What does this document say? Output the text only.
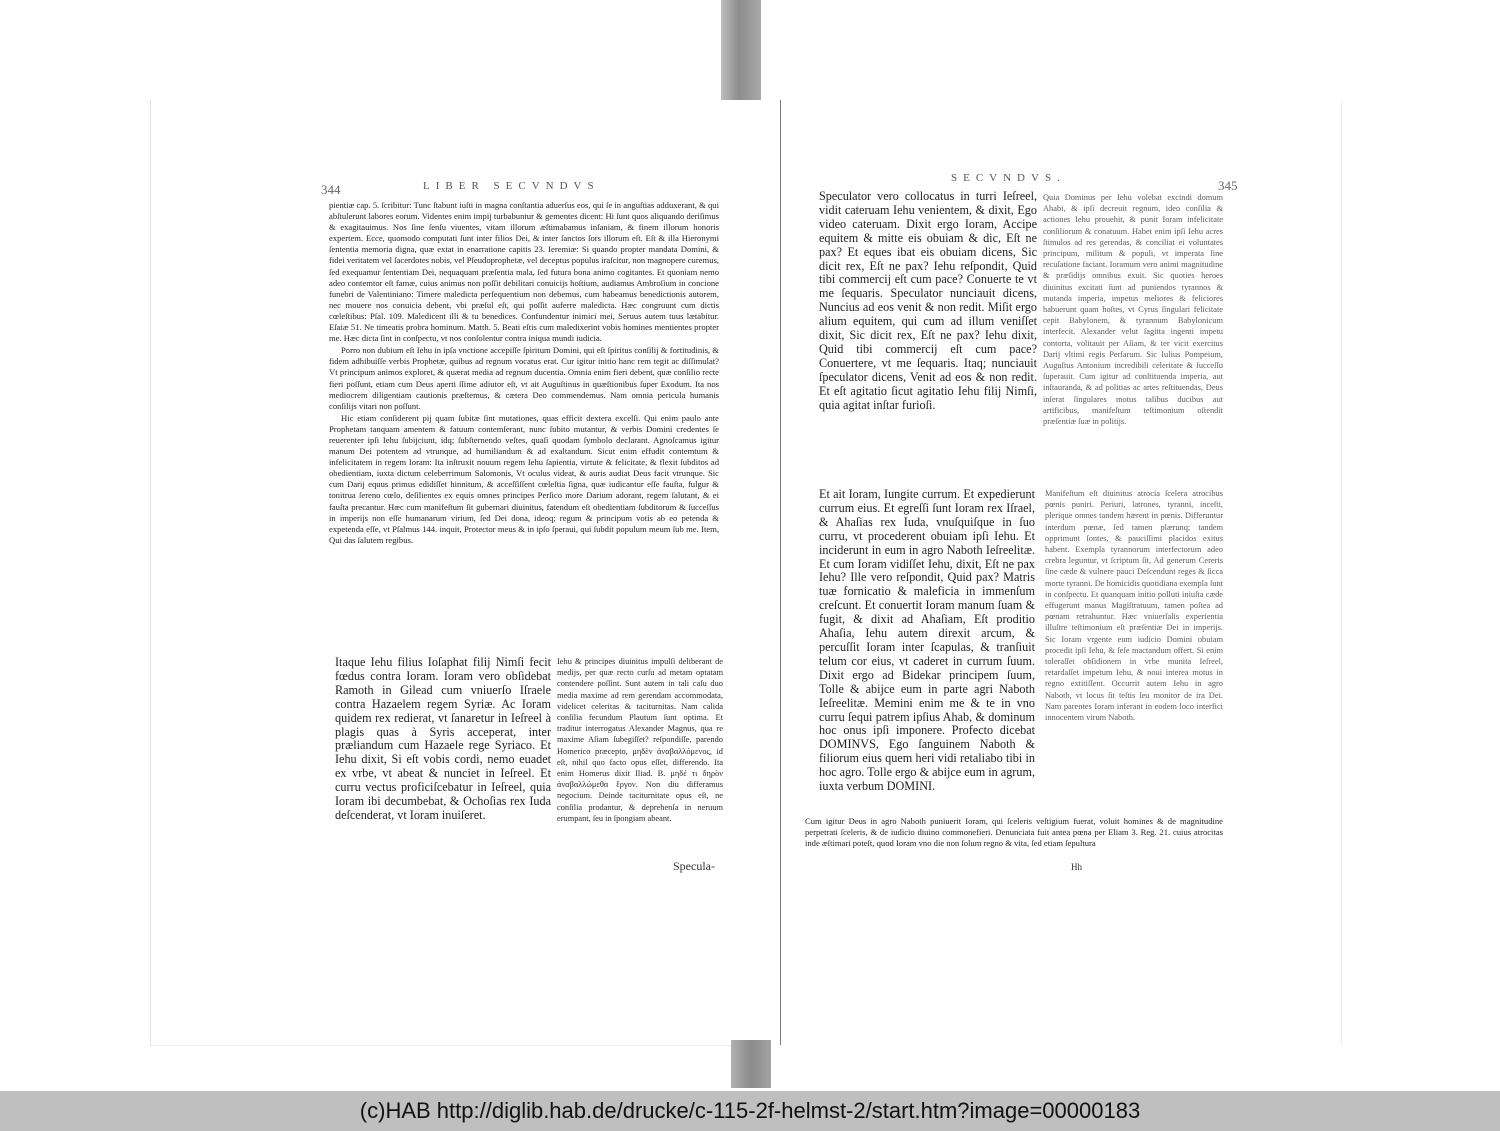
344	LIBER SECVNDVS

pientiæ cap. 5. ſcribitur: Tunc ſtabunt iuſti in magna conſtantia aduerſus eos, qui ſe in anguſtias adduxerant, & qui abſtulerunt labores eorum. Videntes enim impij turbabuntur & gementes dicent: Hi ſunt quos aliquando deriſimus & exagitauimus. Nos ſine ſenſu viuentes, vitam illorum æſtimabamus inſaniam, & finem illorum honoris expertem. Ecce, quomodo computati ſunt inter filios Dei, & inter ſanctos ſors illorum eſt. Eſt & illa Hieronymi ſententia memoria digna, quæ extat in enarratione capitis 23. Ieremiæ: Si quando propter mandata Domini, & fidei veritatem vel ſacerdotes nobis, vel Pſeudoprophetæ, vel deceptus populus iraſcitur, non magnopere curemus, ſed exequamur ſententiam Dei, nequaquam præſentia mala, ſed futura bona animo cogitantes. Et quoniam nemo adeo contemtor eſt famæ, cuius animus non poſſit debilitari conuicijs hoſtium, audiamus Ambroſium in concione funebri de Valentiniano: Timere maledicta perſequentium non debemus, cum habeamus benedictionis autorem, nec mouere nos conuicia debent, vbi præſul eſt, qui poſſit auferre maledicta. Hæc congruunt cum dictis cœleſtibus: Pſal. 109. Maledicent illi & tu benedices. Confundentur inimici mei, Seruus autem tuus lætabitur. Eſaiæ 51. Ne timeatis probra hominum. Matth. 5. Beati eſtis cum maledixerint vobis homines mentientes propter me. Hæc dicta ſint in conſpectu, vt nos conſolentur contra iniqua mundi iudicia.

Porro non dubium eſt Iehu in ipſa vnctione accepiſſe ſpiritum Domini, qui eſt ſpiritus conſilij & fortitudinis, & fidem adhibuiſſe verbis Prophetæ, quibus ad regnum vocatus erat. Cur igitur initio hanc rem tegit ac diſſimulat? Vt principum animos exploret, & quærat media ad regnum ducentia. Omnia enim fieri debent, quæ conſilio recte fieri poſſunt, etiam cum Deus aperti ſſime adiutor eſt, vt ait Auguſtinus in quæſtionibus ſuper Exodum. Ita nos mediocrem diligentiam cautionis præſtemus, & cætera Deo commendemus. Nam omnia pericula humanis conſilijs vitari non poſſunt.

Hic etiam conſiderent pij quam ſubitæ ſint mutationes, quas efficit dextera excelſi. Qui enim paulo ante Prophetam tanquam amentem & fatuum contemſerant, nunc ſubito mutantur, & verbis Domini credentes ſe reuerenter ipſi Iehu ſubijciunt, idq; ſubſternendo veſtes, quaſi quodam ſymbolo declarant. Agnoſcamus igitur manum Dei potentem ad vtrunque, ad humiliandum & ad exaltandum. Sicut enim effudit contemtum & infelicitatem in regem Ioram: Ita inſtruxit nouum regem Iehu ſapientia, virtute & felicitate, & flexit ſubditos ad obedientiam, iuxta dictum celeberrimum Salomonis, Vt oculus videat, & auris audiat Deus facit vtrunque. Sic cum Darij equus primus edidiſſet hinnitum, & acceſſiſſent cœleſtia ſigna, quæ iudicantur eſſe fauſta, fulgur & tonitrua ſereno cœlo, deſilientes ex equis omnes principes Perſico more Darium adorant, regem ſalutant, & ei fauſta precantur. Hæc cum manifeſtum ſit gubernari diuinitus, fatendum eſt obedientiam ſubditorum & ſucceſſus in imperijs non eſſe humanarum virium, ſed Dei dona, ideoq; regum & principum votis ab eo petenda & expetenda eſſe, vt Pſalmus 144. inquit, Protector meus & in ipſo ſperaui, qui ſubdit populum meum ſub me. Item, Qui das ſalutem regibus.

Itaque Iehu filius Ioſaphat filij Nimſi fecit fœdus contra Ioram. Ioram vero obſidebat Ramoth in Gilead cum vniuerſo Iſraele contra Hazaelem regem Syriæ. Ac Ioram quidem rex redierat, vt ſanaretur in Ieſreel à plagis quas à Syris acceperat, inter præliandum cum Hazaele rege Syriaco. Et Iehu dixit, Si eſt vobis cordi, nemo euadet ex vrbe, vt abeat & nunciet in Ieſreel. Et curru vectus proficiſcebatur in Ieſreel, quia Ioram ibi decumbebat, & Ochoſias rex Iuda deſcenderat, vt Ioram inuiſeret.
Iehu & principes diuinitus impulſi deliberant de medijs, per quæ recto curſu ad metam optatam contendere poſſint. Sunt autem in tali caſu duo media maxime ad rem gerendam accommodata, videlicet celeritas & taciturnitas. Nam calida conſilia fecundum Plautum ſunt optima. Et traditur interrogatus Alexander Magnus, qua re maxime Aſiam ſubegiſſet? reſpondiſſe, parendo Homerico præcepto, μηδὲν ἀναβαλλόμενος, id eſt, nihil quo facto opus eſſet, differendo. Ita enim Homerus dixit Iliad. B. μηδέ τι δηρὸν ἀναβαλλώμεθα ἔργον. Non diu differamus negocium. Deinde taciturnitate opus eſt, ne conſilia prodantur, & deprehenſa in neruum erumpant, ſeu in ſpongiam abeant.
Specula-
SECVNDVS.	345
Speculator vero collocatus in turri Ieſreel, vidit cateruam Iehu venientem, & dixit, Ego video cateruam. Dixit ergo Ioram, Accipe equitem & mitte eis obuiam & dic, Eſt ne pax? Et eques ibat eis obuiam dicens, Sic dicit rex, Eſt ne pax? Iehu reſpondit, Quid tibi commercij eſt cum pace? Conuerte te vt me ſequaris. Speculator nunciauit dicens, Nuncius ad eos venit & non redit. Miſit ergo alium equitem, qui cum ad illum veniſſet dixit, Sic dicit rex, Eſt ne pax? Iehu dixit, Quid tibi commercij eſt cum pace? Conuertere, vt me ſequaris. Itaq; nunciauit ſpeculator dicens, Venit ad eos & non redit. Et eſt agitatio ſicut agitatio Iehu filij Nimſi, quia agitat inſtar furioſi.
Quia Dominus per Iehu volebat excindi domum Ahabi, & ipſi decreuit regnum, ideo conſilia & actiones Iehu prouehit, & punit Ioram infelicitate conſiliorum & conatuum. Habet enim ipſi Iehu acres ſtimulos ad res gerendas, & conciliat ei voluntates principum, militum & populi, vt imperata ſine recuſatione faciant. Ioramum vero animi magnitudine & præſidijs omnibus exuit. Sic quoties heroes diuinitus excitati ſunt ad puniendos tyrannos & mutanda imperia, impetus meliores & feliciores habuerunt quam hoſtes, vt Cyrus ſingulari felicitate cepit Babylonem, & tyrannum Babylonicum interfecit. Alexander velut ſagitta ingenti impetu contorta, volitauit per Aſiam, & ter vicit exercitus Darij vltimi regis Perſarum. Sic Iulius Pompeium, Auguſtus Antonium incredibili celeritate & ſucceſſu ſuperauit. Cum igitur ad conſtituenda imperia, aut inſtauranda, & ad politias ac artes reſtituendas, Deus inſerat ſingulares motus talibus ducibus aut artificibus, manifeſtum teſtimonium oſtendit præſentiæ ſuæ in politijs.
Et ait Ioram, Iungite currum. Et expedierunt currum eius. Et egreſſi ſunt Ioram rex Iſrael, & Ahaſias rex Iuda, vnuſquiſque in ſuo curru, vt procederent obuiam ipſi Iehu. Et inciderunt in eum in agro Naboth Ieſreelitæ. Et cum Ioram vidiſſet Iehu, dixit, Eſt ne pax Iehu? Ille vero reſpondit, Quid pax? Matris tuæ fornicatio & maleficia in immenſum creſcunt. Et conuertit Ioram manum ſuam & fugit, & dixit ad Ahaſiam, Eſt proditio Ahaſia, Iehu autem direxit arcum, & percuſſit Ioram inter ſcapulas, & tranſiuit telum cor eius, vt caderet in currum ſuum. Dixit ergo ad Bidekar principem ſuum, Tolle & abijce eum in parte agri Naboth Ieſreelitæ. Memini enim me & te in vno curru ſequi patrem ipſius Ahab, & dominum hoc onus ipſi imponere. Profecto dicebat DOMINVS, Ego ſanguinem Naboth & filiorum eius quem heri vidi retaliabo tibi in hoc agro. Tolle ergo & abijce eum in agrum, iuxta verbum DOMINI.
Manifeſtum eſt diuinitus atrocia ſcelera atrocibus pœnis puniri. Periuri, latrones, tyranni, inceſti, plerique omnes tandem hærent in pœnis. Differuntur interdum pœnæ, ſed tamen plærunq; tandem opprimunt ſontes, & pauciſſimi placidos exitus habent. Exempla tyrannorum interfectorum adeo crebra leguntur, vt ſcriptum ſit, Ad generum Cereris ſine cæde & vulnere pauci Deſcendunt reges & ſicca morte tyranni. De homicidis quotidiana exempla ſunt in conſpectu. Et quanquam initio polluti iniuſta cæde effugerunt manus Magiſtratuum, tamen poſtea ad pœnam retrahuntur. Hæc vniuerſalis experientia illuſtre teſtimonium eſt præſentiæ Dei in imperijs. Sic Ioram vrgente eum iudicio Domini obuiam procedit ipſi Iehu, & ſeſe mactandum offert. Si enim toleraſſet obſidionem in vrbe munita Ieſreel, retardaſſet impetum Iehu, & noui interea motus in regno extitiſſent. Occurrit autem Iehu in agro Naboth, vt locus ſit teſtis ſeu monitor de ira Dei. Nam parentes Ioram inferant in eodem loco interfici innocentem virum Naboth.
Cum igitur Deus in agro Naboth puniuerit Ioram, qui ſceleris veſtigium fuerat, voluit homines & de magnitudine perpetrati ſceleris, & de iudicio diuino commonefieri. Denunciata fuit antea pœna per Eliam 3. Reg. 21. cuius atrocitas inde æſtimari poteſt, quod Ioram vno die non ſolum regno & vita, ſed etiam ſepultura
Hh
(c)HAB http://diglib.hab.de/drucke/c-115-2f-helmst-2/start.htm?image=00000183
